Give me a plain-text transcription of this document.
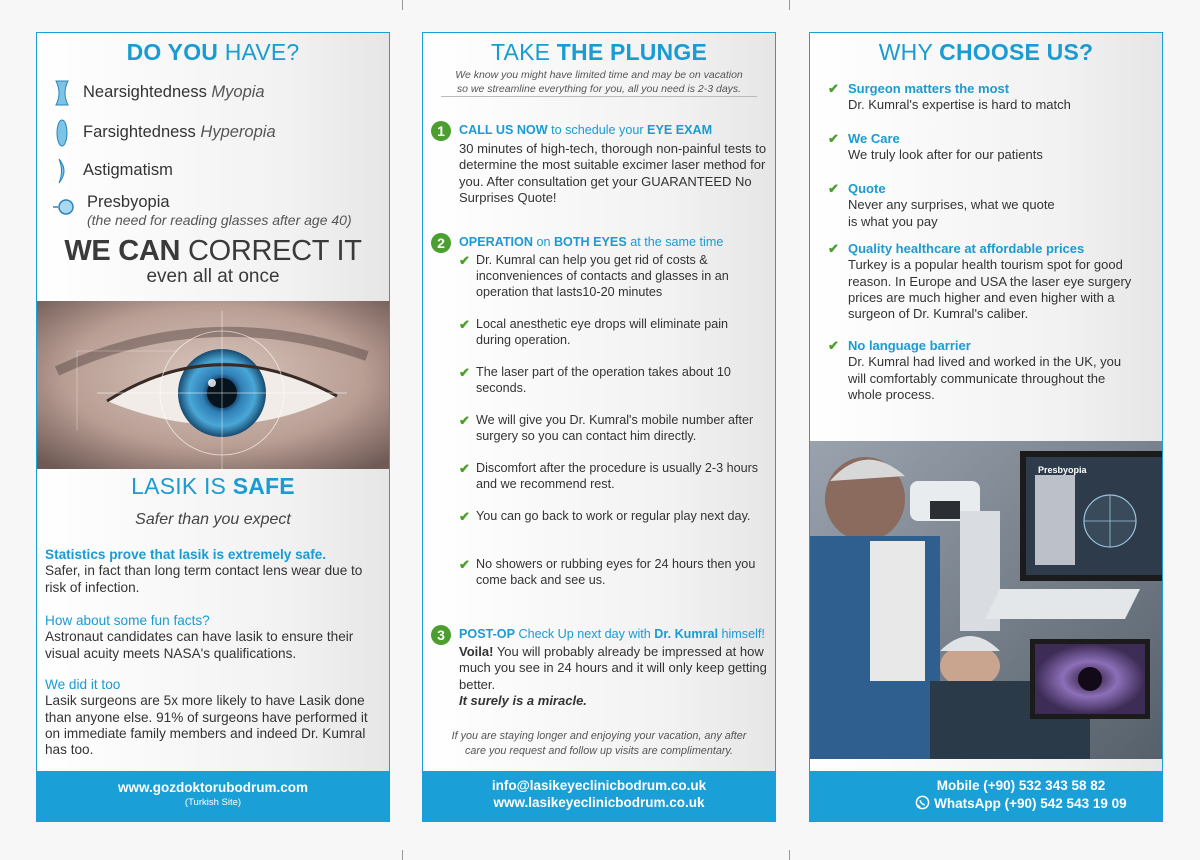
DO YOU HAVE?
Nearsightedness Myopia
Farsightedness Hyperopia
Astigmatism
Presbyopia
(the need for reading glasses after age 40)
WE CAN CORRECT IT
even all at once
LASIK IS SAFE
Safer than you expect
Statistics prove that lasik is extremely safe.
Safer, in fact than long term contact lens wear due to risk of infection.
How about some fun facts?
Astronaut candidates can have lasik to ensure their visual acuity meets NASA's qualifications.
We did it too
Lasik surgeons are 5x more likely to have Lasik done than anyone else. 91% of surgeons have performed it on immediate family members and indeed Dr. Kumral has too.
www.gozdoktorubodrum.com
(Turkish Site)
TAKE THE PLUNGE
We know you might have limited time and may be on vacation
so we streamline everything for you, all you need is 2-3 days.
1	CALL US NOW to schedule your EYE EXAM
30 minutes of high-tech, thorough non-painful tests to determine the most suitable excimer laser method for you. After consultation get your GUARANTEED No Surprises Quote!
2	OPERATION on BOTH EYES at the same time
✔ Dr. Kumral can help you get rid of costs & inconveniences of contacts and glasses in an operation that lasts10-20 minutes
✔ Local anesthetic eye drops will eliminate pain during operation.
✔ The laser part of the operation takes about 10 seconds.
✔ We will give you Dr. Kumral's mobile number after surgery so you can contact him directly.
✔ Discomfort after the procedure is usually 2-3 hours and we recommend rest.
✔ You can go back to work or regular play next day.
✔ No showers or rubbing eyes for 24 hours then you come back and see us.
3	POST-OP Check Up next day with Dr. Kumral himself!
Voila! You will probably already be impressed at how much you see in 24 hours and it will only keep getting better.
It surely is a miracle.
If you are staying longer and enjoying your vacation, any after
care you request and follow up visits are complimentary.
info@lasikeyeclinicbodrum.co.uk
www.lasikeyeclinicbodrum.co.uk
WHY CHOOSE US?
✔ Surgeon matters the most
Dr. Kumral's expertise is hard to match
✔ We Care
We truly look after for our patients
✔ Quote
Never any surprises, what we quote is what you pay
✔ Quality healthcare at affordable prices
Turkey is a popular health tourism spot for good reason. In Europe and USA the laser eye surgery prices are much higher and even higher with a surgeon of Dr. Kumral's caliber.
✔ No language barrier
Dr. Kumral had lived and worked in the UK, you will comfortably communicate throughout the whole process.
Presbyopia
Mobile (+90) 532 343 58 82
WhatsApp (+90) 542 543 19 09
